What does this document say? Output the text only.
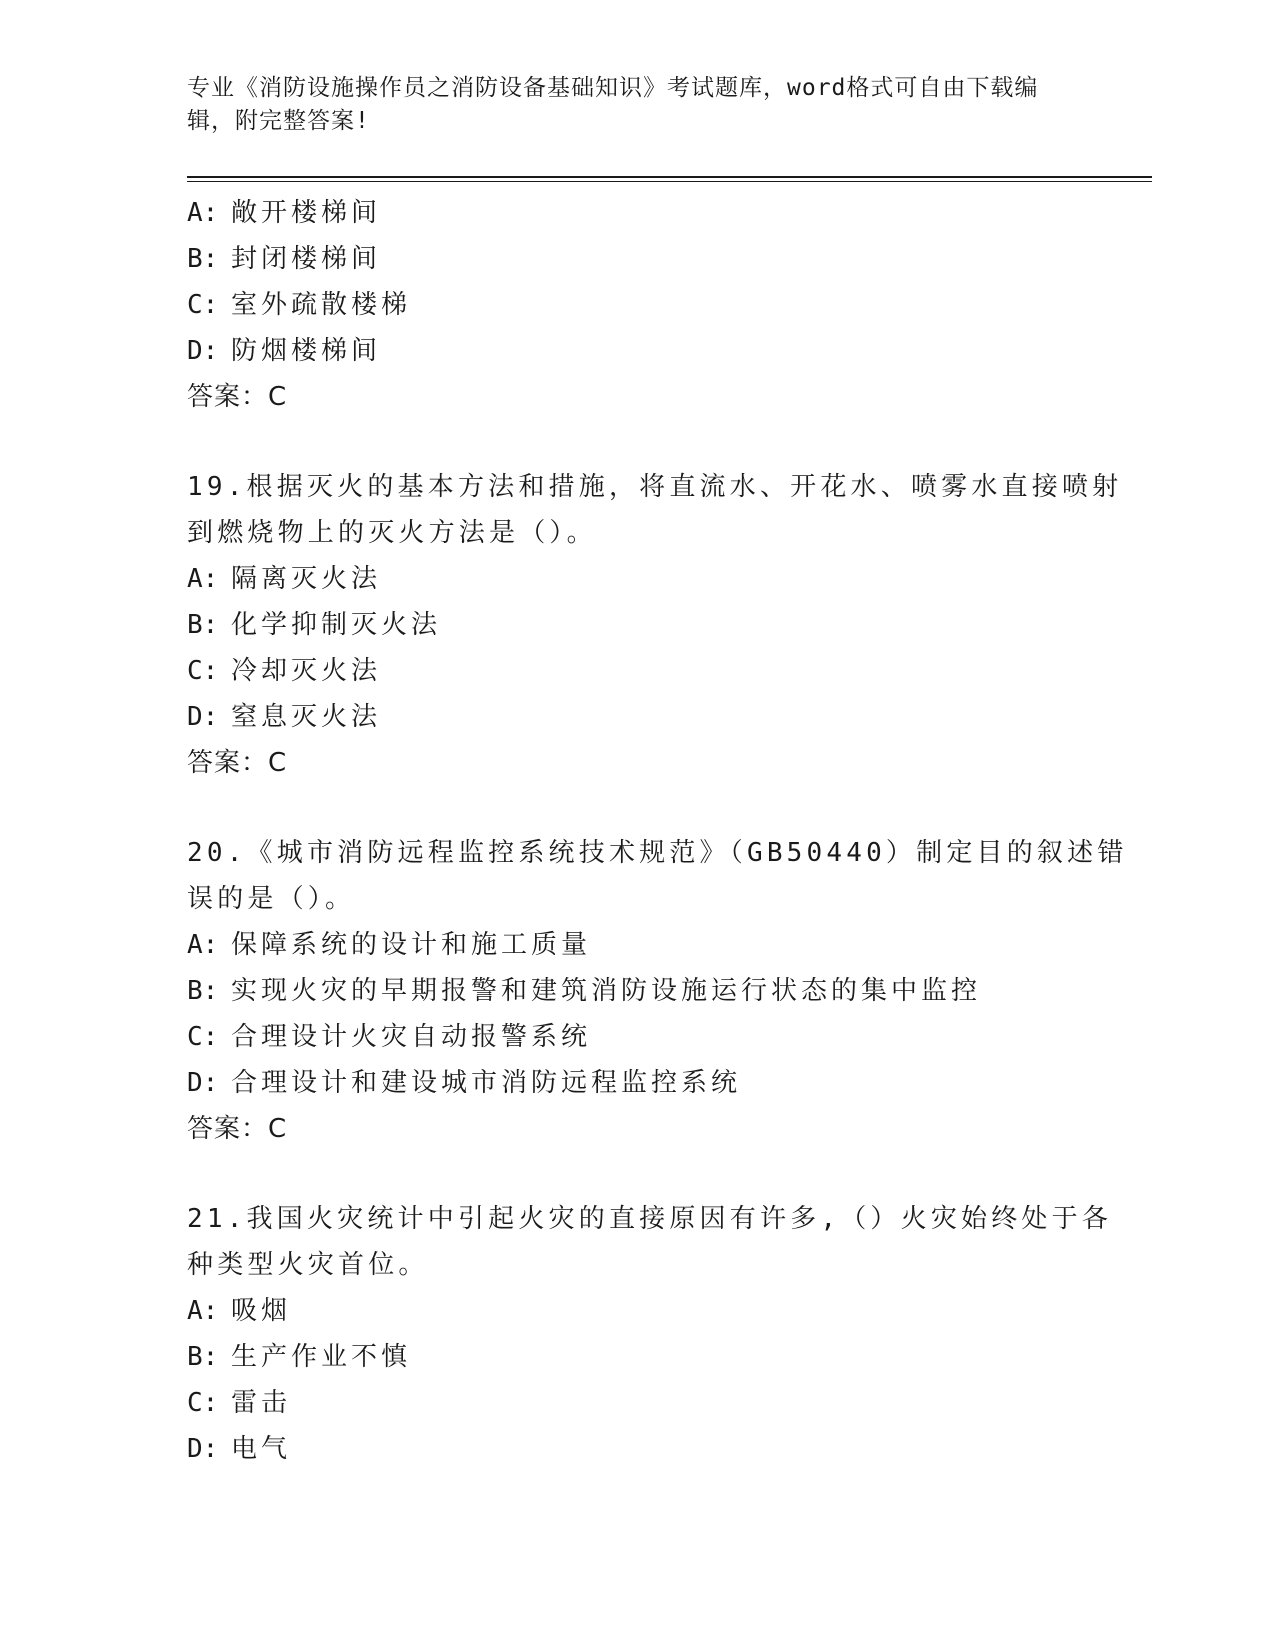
专业《消防设施操作员之消防设备基础知识》考试题库，word格式可自由下载编
辑，附完整答案!
A: 敞开楼梯间
B: 封闭楼梯间
C: 室外疏散楼梯
D: 防烟楼梯间
答案：C
19.根据灭火的基本方法和措施，将直流水、开花水、喷雾水直接喷射
到燃烧物上的灭火方法是（）。
A: 隔离灭火法
B: 化学抑制灭火法
C: 冷却灭火法
D: 窒息灭火法
答案：C
20.《城市消防远程监控系统技术规范》（GB50440）制定目的叙述错
误的是（）。
A: 保障系统的设计和施工质量
B: 实现火灾的早期报警和建筑消防设施运行状态的集中监控
C: 合理设计火灾自动报警系统
D: 合理设计和建设城市消防远程监控系统
答案：C
21.我国火灾统计中引起火灾的直接原因有许多,（）火灾始终处于各
种类型火灾首位。
A: 吸烟
B: 生产作业不慎
C: 雷击
D: 电气
